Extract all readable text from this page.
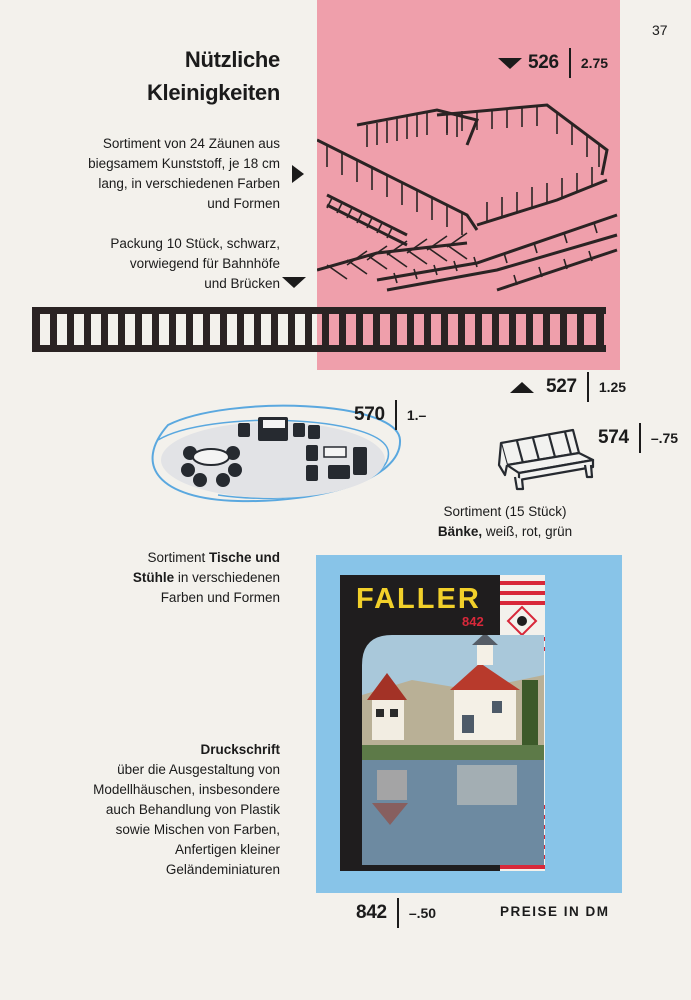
37
Nützliche
Kleinigkeiten
Sortiment von 24 Zäunen aus
biegsamem Kunststoff, je 18 cm
lang, in verschiedenen Farben
und Formen
526 2.75
Packung 10 Stück, schwarz,
vorwiegend für Bahnhöfe
und Brücken
527 1.25
570 1.–
574 –.75
Sortiment (15 Stück)
Bänke, weiß, rot, grün
Sortiment Tische und
Stühle in verschiedenen
Farben und Formen	FALLER
842
Druckschrift
über die Ausgestaltung von
Modellhäuschen, insbesondere
auch Behandlung von Plastik
sowie Mischen von Farben,
Anfertigen kleiner
Geländeminiaturen
842 –.50	PREISE IN DM
